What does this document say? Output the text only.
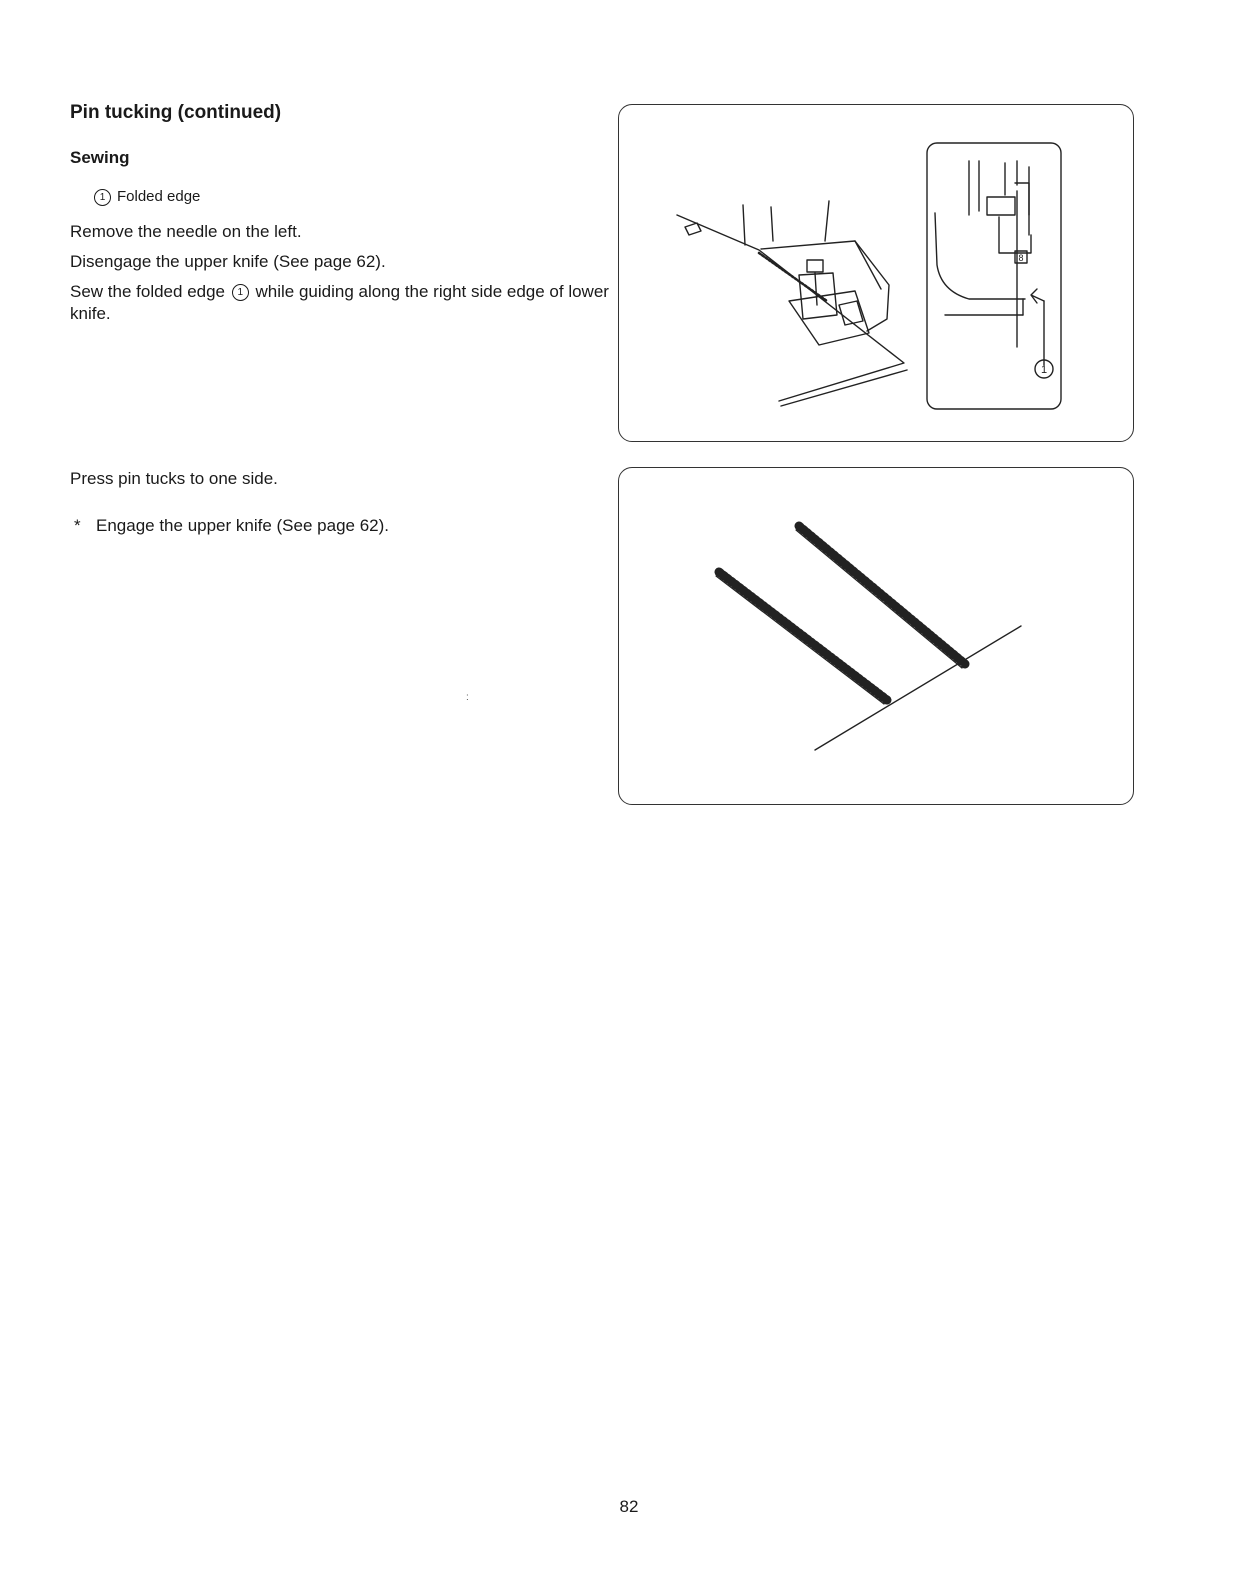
Pin tucking (continued)
Sewing
1 Folded edge
Remove the needle on the left.
Disengage the upper knife (See page 62).
Sew the folded edge 1 while guiding along the right side edge of lower knife.
Press pin tucks to one side.
* Engage the upper knife (See page 62).
:
1
8
82
